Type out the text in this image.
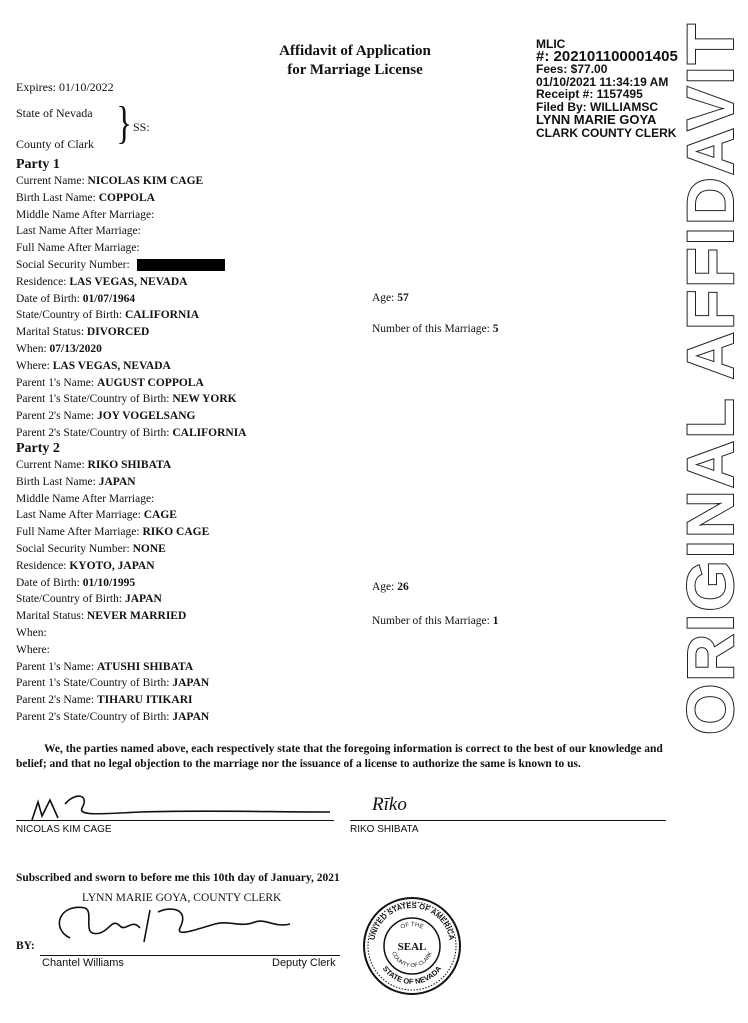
Affidavit of Application
for Marriage License
MLIC
#: 202101100001405
Fees: $77.00
01/10/2021 11:34:19 AM
Receipt #: 1157495
Filed By: WILLIAMSC
LYNN MARIE GOYA
CLARK COUNTY CLERK
Expires: 01/10/2022
State of Nevada
County of Clark } SS:
Party 1
Current Name: NICOLAS KIM CAGE
Birth Last Name: COPPOLA
Middle Name After Marriage:
Last Name After Marriage:
Full Name After Marriage:
Social Security Number:
Residence: LAS VEGAS, NEVADA
Date of Birth: 01/07/1964
State/Country of Birth: CALIFORNIA
Marital Status: DIVORCED
When: 07/13/2020
Where: LAS VEGAS, NEVADA
Parent 1's Name: AUGUST COPPOLA
Parent 1's State/Country of Birth: NEW YORK
Parent 2's Name: JOY VOGELSANG
Parent 2's State/Country of Birth: CALIFORNIA
Age: 57
Number of this Marriage: 5
Party 2
Current Name: RIKO SHIBATA
Birth Last Name: JAPAN
Middle Name After Marriage:
Last Name After Marriage: CAGE
Full Name After Marriage: RIKO CAGE
Social Security Number: NONE
Residence: KYOTO, JAPAN
Date of Birth: 01/10/1995
State/Country of Birth: JAPAN
Marital Status: NEVER MARRIED
When:
Where:
Parent 1's Name: ATUSHI SHIBATA
Parent 1's State/Country of Birth: JAPAN
Parent 2's Name: TIHARU ITIKARI
Parent 2's State/Country of Birth: JAPAN
Age: 26
Number of this Marriage: 1	ORIGINAL AFFIDAVIT
We, the parties named above, each respectively state that the foregoing information is correct to the best of our knowledge and belief; and that no legal objection to the marriage nor the issuance of a license to authorize the same is known to us.
NICOLAS KIM CAGE
Rīko
RIKO SHIBATA
Subscribed and sworn to before me this 10th day of January, 2021
LYNN MARIE GOYA, COUNTY CLERK
BY:
Chantel Williams	Deputy Clerk
UNITED STATES OF AMERICA
STATE OF NEVADA
OF THE
COUNTY OF CLARK
SEAL
